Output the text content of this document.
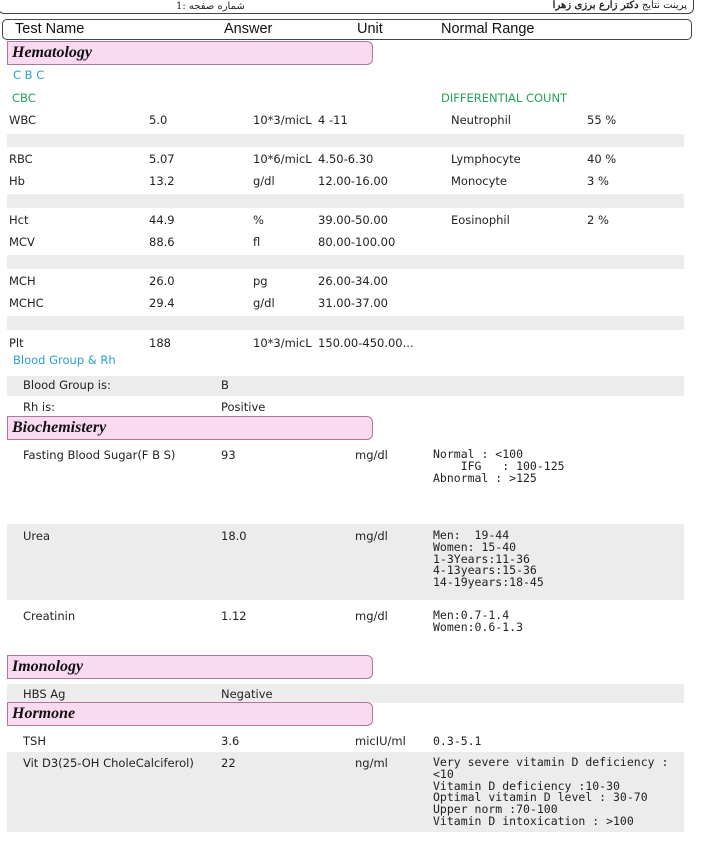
شماره صفحه :1	پرینت نتایج دکتر زارع برزی زهرا
Test Name	Answer	Unit	Normal Range
Hematology
C B C
CBC	DIFFERENTIAL COUNT
WBC	5.0	10*3/micL 4 -11
RBC	5.07	10*6/micL 4.50-6.30
Hb	13.2	g/dl	12.00-16.00
Hct	44.9	%	39.00-50.00
MCV	88.6	fl	80.00-100.00
MCH	26.0	pg	26.00-34.00
MCHC	29.4	g/dl	31.00-37.00
Plt	188	10*3/micL 150.00-450.00...
Neutrophil	55 %
Lymphocyte	40 %
Monocyte	3 %
Eosinophil	2 %
Blood Group & Rh
Blood Group is:	B
Rh is:	Positive
Biochemistery
Fasting Blood Sugar(F B S)	93	mg/dl	Normal : <100
IFG   : 100-125
Abnormal : >125
Urea	18.0	mg/dl	Men:  19-44
Women: 15-40
1-3Years:11-36
4-13years:15-36
14-19years:18-45
Creatinin	1.12	mg/dl	Men:0.7-1.4
Women:0.6-1.3
Imonology
HBS Ag	Negative
Hormone
TSH	3.6	micIU/ml 0.3-5.1
Vit D3(25-OH CholeCalciferol) 22	ng/ml	Very severe vitamin D deficiency :
<10
Vitamin D deficiency :10-30
Optimal vitamin D level : 30-70
Upper norm :70-100
Vitamin D intoxication : >100
